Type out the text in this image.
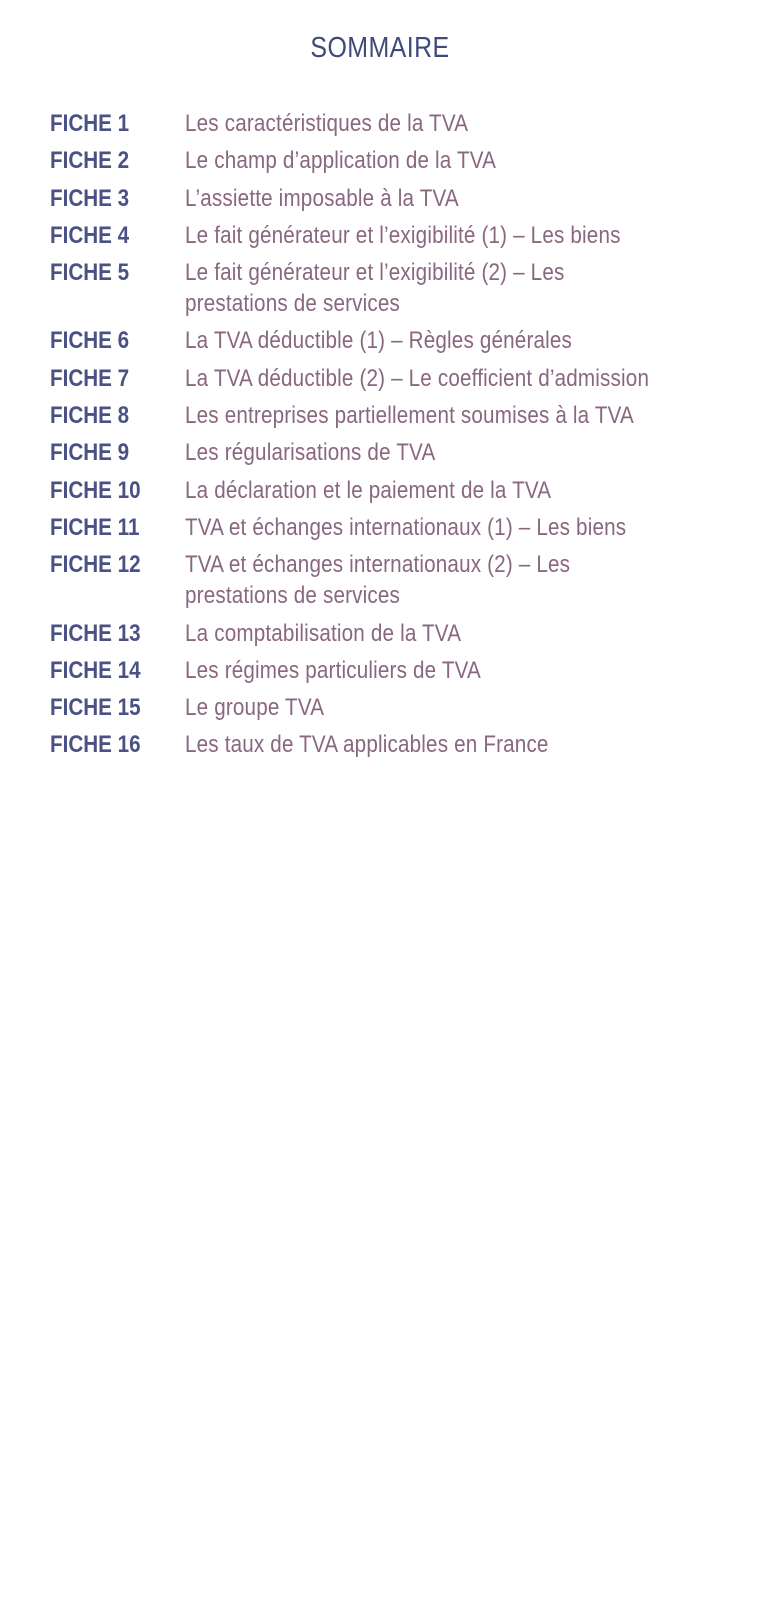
SOMMAIRE
FICHE 1	Les caractéristiques de la TVA
FICHE 2	Le champ d’application de la TVA
FICHE 3	L’assiette imposable à la TVA
FICHE 4	Le fait générateur et l’exigibilité (1) – Les biens
FICHE 5	Le fait générateur et l’exigibilité (2) – Les prestations de services
FICHE 6	La TVA déductible (1) – Règles générales
FICHE 7	La TVA déductible (2) – Le coefficient d’admission
FICHE 8	Les entreprises partiellement soumises à la TVA
FICHE 9	Les régularisations de TVA
FICHE 10	La déclaration et le paiement de la TVA
FICHE 11	TVA et échanges internationaux (1) – Les biens
FICHE 12	TVA et échanges internationaux (2) – Les prestations de services
FICHE 13	La comptabilisation de la TVA
FICHE 14	Les régimes particuliers de TVA
FICHE 15	Le groupe TVA
FICHE 16	Les taux de TVA applicables en France
